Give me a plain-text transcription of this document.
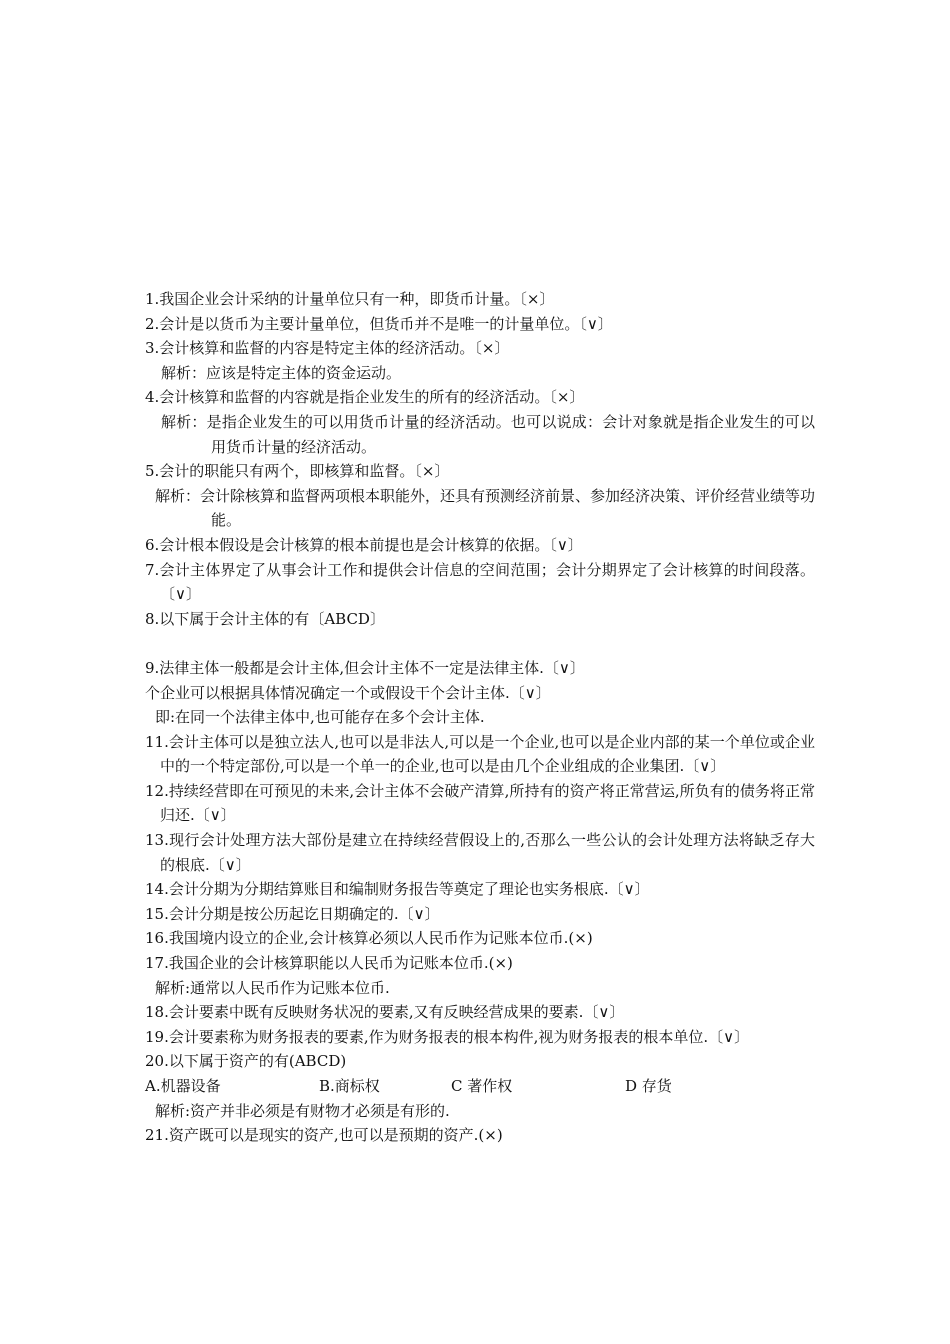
1.我国企业会计采纳的计量单位只有一种，即货币计量。〔×〕
2.会计是以货币为主要计量单位，但货币并不是唯一的计量单位。〔∨〕
3.会计核算和监督的内容是特定主体的经济活动。〔×〕
解析：应该是特定主体的资金运动。
4.会计核算和监督的内容就是指企业发生的所有的经济活动。〔×〕
解析：是指企业发生的可以用货币计量的经济活动。也可以说成：会计对象就是指企业发生的可以用货币计量的经济活动。
5.会计的职能只有两个，即核算和监督。〔×〕
解析：会计除核算和监督两项根本职能外，还具有预测经济前景、参加经济决策、评价经营业绩等功能。
6.会计根本假设是会计核算的根本前提也是会计核算的依据。〔∨〕
7.会计主体界定了从事会计工作和提供会计信息的空间范围；会计分期界定了会计核算的时间段落。〔∨〕
8.以下属于会计主体的有〔ABCD〕
9.法律主体一般都是会计主体,但会计主体不一定是法律主体.〔∨〕
个企业可以根据具体情况确定一个或假设干个会计主体.〔∨〕
即:在同一个法律主体中,也可能存在多个会计主体.
11.会计主体可以是独立法人,也可以是非法人,可以是一个企业,也可以是企业内部的某一个单位或企业中的一个特定部份,可以是一个单一的企业,也可以是由几个企业组成的企业集团.〔∨〕
12.持续经营即在可预见的未来,会计主体不会破产清算,所持有的资产将正常营运,所负有的债务将正常归还.〔∨〕
13.现行会计处理方法大部份是建立在持续经营假设上的,否那么一些公认的会计处理方法将缺乏存大的根底.〔∨〕
14.会计分期为分期结算账目和编制财务报告等奠定了理论也实务根底.〔∨〕
15.会计分期是按公历起讫日期确定的.〔∨〕
16.我国境内设立的企业,会计核算必须以人民币作为记账本位币.(×)
17.我国企业的会计核算职能以人民币为记账本位币.(×)
解析:通常以人民币作为记账本位币.
18.会计要素中既有反映财务状况的要素,又有反映经营成果的要素.〔∨〕
19.会计要素称为财务报表的要素,作为财务报表的根本构件,视为财务报表的根本单位.〔∨〕
20.以下属于资产的有(ABCD)
A.机器设备	B.商标权	C 著作权	D 存货
解析:资产并非必须是有财物才必须是有形的.
21.资产既可以是现实的资产,也可以是预期的资产.(×)
